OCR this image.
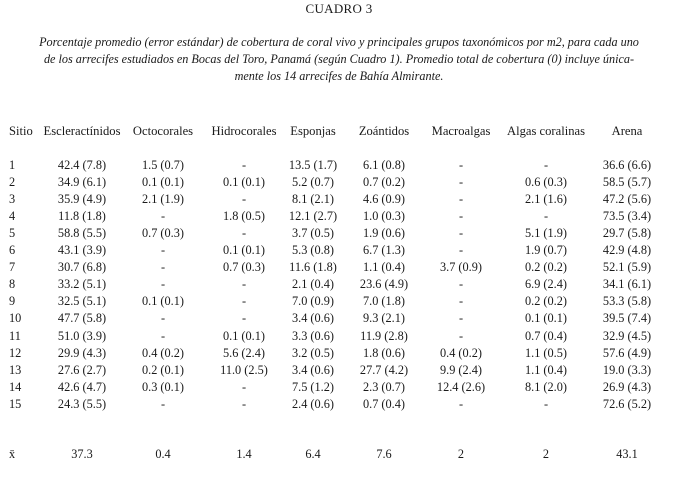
CUADRO 3
Porcentaje promedio (error estándar) de cobertura de coral vivo y principales grupos taxonómicos por m2, para cada uno
de los arrecifes estudiados en Bocas del Toro, Panamá (según Cuadro 1). Promedio total de cobertura (0) incluye única-
mente los 14 arrecifes de Bahía Almirante.
Sitio Escleractínidos Octocorales Hidrocorales Esponjas Zoántidos Macroalgas Algas coralinas Arena
1	42.4 (7.8)	1.5 (0.7)	-	13.5 (1.7) 6.1 (0.8)	-	-	36.6 (6.6)
2	34.9 (6.1)	0.1 (0.1)	0.1 (0.1) 5.2 (0.7) 0.7 (0.2)	-	0.6 (0.3)	58.5 (5.7)
3	35.9 (4.9)	2.1 (1.9)	-	8.1 (2.1) 4.6 (0.9)	-	2.1 (1.6)	47.2 (5.6)
4	11.8 (1.8)	-	1.8 (0.5) 12.1 (2.7) 1.0 (0.3)	-	-	73.5 (3.4)
5	58.8 (5.5)	0.7 (0.3)	-	3.7 (0.5) 1.9 (0.6)	-	5.1 (1.9)	29.7 (5.8)
6	43.1 (3.9)	-	0.1 (0.1) 5.3 (0.8) 6.7 (1.3)	-	1.9 (0.7)	42.9 (4.8)
7	30.7 (6.8)	-	0.7 (0.3) 11.6 (1.8) 1.1 (0.4)	3.7 (0.9)	0.2 (0.2)	52.1 (5.9)
8	33.2 (5.1)	-	-	2.1 (0.4) 23.6 (4.9)	-	6.9 (2.4)	34.1 (6.1)
9	32.5 (5.1)	0.1 (0.1)	-	7.0 (0.9) 7.0 (1.8)	-	0.2 (0.2)	53.3 (5.8)
10	47.7 (5.8)	-	-	3.4 (0.6) 9.3 (2.1)	-	0.1 (0.1)	39.5 (7.4)
11	51.0 (3.9)	-	0.1 (0.1) 3.3 (0.6) 11.9 (2.8)	-	0.7 (0.4)	32.9 (4.5)
12	29.9 (4.3)	0.4 (0.2)	5.6 (2.4) 3.2 (0.5) 1.8 (0.6)	0.4 (0.2)	1.1 (0.5)	57.6 (4.9)
13	27.6 (2.7)	0.2 (0.1)	11.0 (2.5) 3.4 (0.6) 27.7 (4.2)	9.9 (2.4)	1.1 (0.4)	19.0 (3.3)
14	42.6 (4.7)	0.3 (0.1)	-	7.5 (1.2) 2.3 (0.7)	12.4 (2.6)	8.1 (2.0)	26.9 (4.3)
15	24.3 (5.5)	-	-	2.4 (0.6) 0.7 (0.4)	-	-	72.6 (5.2)
x̄	37.3	0.4	1.4	6.4	7.6	2	2	43.1
